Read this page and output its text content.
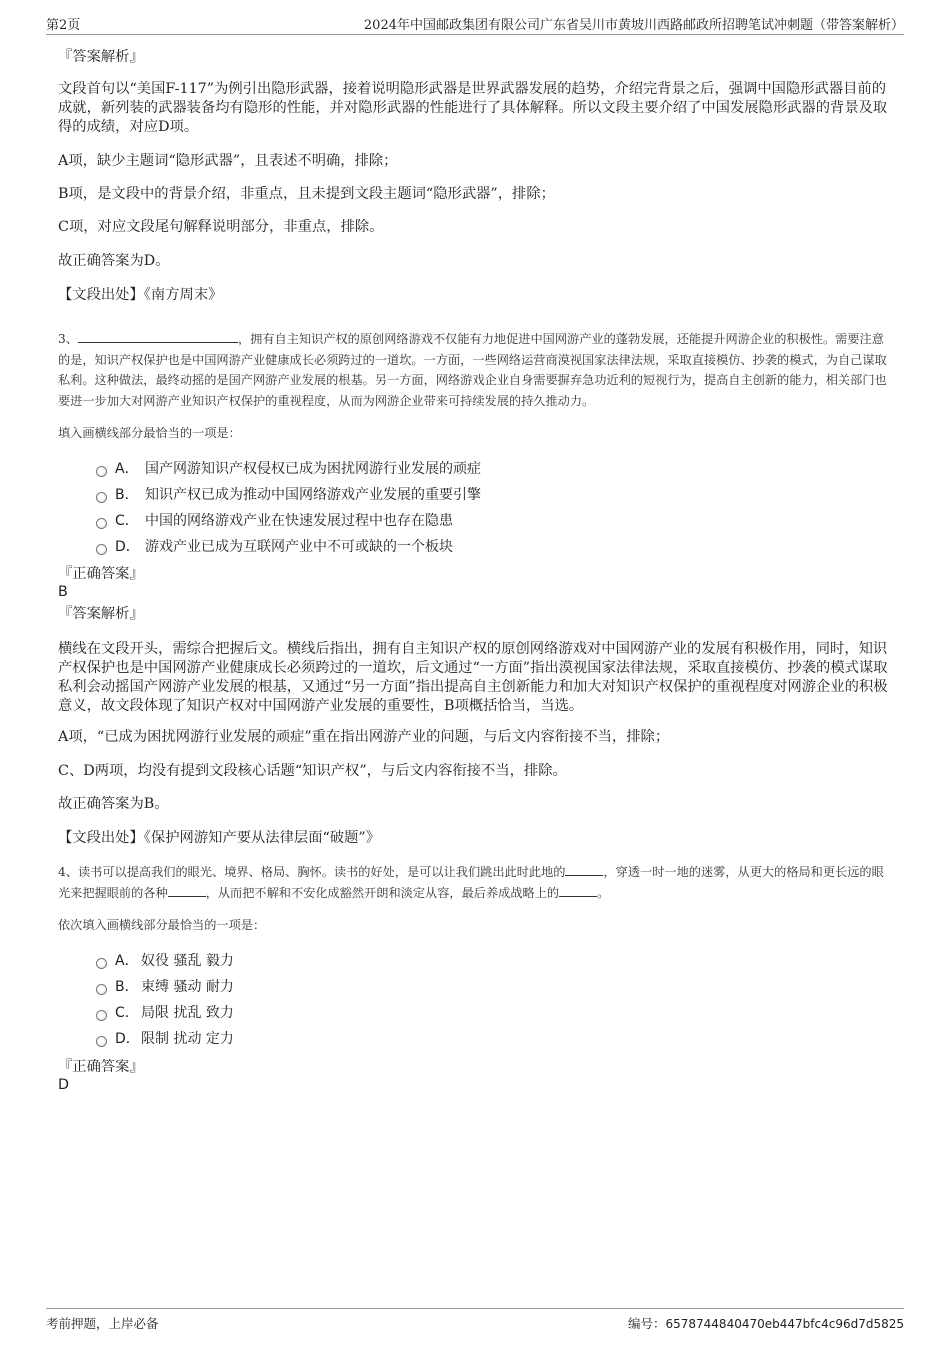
第2页	2024年中国邮政集团有限公司广东省吴川市黄坡川西路邮政所招聘笔试冲刺题（带答案解析）
『答案解析』
文段首句以“美国F-117”为例引出隐形武器，接着说明隐形武器是世界武器发展的趋势，介绍完背景之后，强调中国隐形武器目前的成就，新列装的武器装备均有隐形的性能，并对隐形武器的性能进行了具体解释。所以文段主要介绍了中国发展隐形武器的背景及取得的成绩，对应D项。
A项，缺少主题词“隐形武器”，且表述不明确，排除；
B项，是文段中的背景介绍，非重点，且未提到文段主题词“隐形武器”，排除；
C项，对应文段尾句解释说明部分，非重点，排除。
故正确答案为D。
【文段出处】《南方周末》
3、	，拥有自主知识产权的原创网络游戏不仅能有力地促进中国网游产业的蓬勃发展，还能提升网游企业的积极性。需要注意的是，知识产权保护也是中国网游产业健康成长必须跨过的一道坎。一方面，一些网络运营商漠视国家法律法规，采取直接模仿、抄袭的模式，为自己谋取私利。这种做法，最终动摇的是国产网游产业发展的根基。另一方面，网络游戏企业自身需要摒弃急功近利的短视行为，提高自主创新的能力，相关部门也要进一步加大对网游产业知识产权保护的重视程度，从而为网游企业带来可持续发展的持久推动力。
填入画横线部分最恰当的一项是：
A． 国产网游知识产权侵权已成为困扰网游行业发展的顽症
B． 知识产权已成为推动中国网络游戏产业发展的重要引擎
C． 中国的网络游戏产业在快速发展过程中也存在隐患
D． 游戏产业已成为互联网产业中不可或缺的一个板块
『正确答案』
B
『答案解析』
横线在文段开头，需综合把握后文。横线后指出，拥有自主知识产权的原创网络游戏对中国网游产业的发展有积极作用，同时，知识产权保护也是中国网游产业健康成长必须跨过的一道坎，后文通过“一方面”指出漠视国家法律法规，采取直接模仿、抄袭的模式谋取私利会动摇国产网游产业发展的根基，又通过“另一方面”指出提高自主创新能力和加大对知识产权保护的重视程度对网游企业的积极意义，故文段体现了知识产权对中国网游产业发展的重要性，B项概括恰当，当选。
A项，“已成为困扰网游行业发展的顽症”重在指出网游产业的问题，与后文内容衔接不当，排除；
C、D两项，均没有提到文段核心话题“知识产权”，与后文内容衔接不当，排除。
故正确答案为B。
【文段出处】《保护网游知产要从法律层面“破题”》
4、读书可以提高我们的眼光、境界、格局、胸怀。读书的好处，是可以让我们跳出此时此地的	，穿透一时一地的迷雾，从更大的格局和更长远的眼光来把握眼前的各种	，从而把不解和不安化成豁然开朗和淡定从容，最后养成战略上的	。
依次填入画横线部分最恰当的一项是：
A． 奴役 骚乱 毅力
B． 束缚 骚动 耐力
C． 局限 扰乱 致力
D．限制 扰动 定力
『正确答案』
D
考前押题，上岸必备	编号：6578744840470eb447bfc4c96d7d5825
